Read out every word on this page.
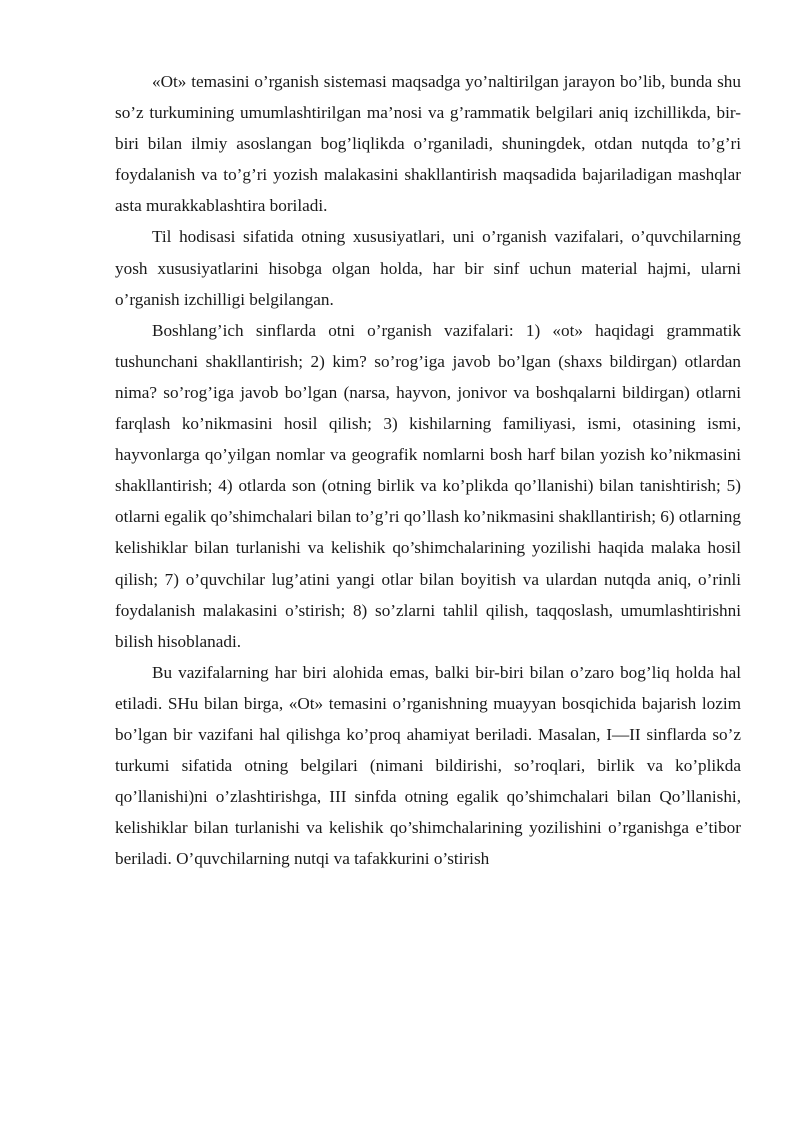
«Ot» temasini o’rganish sistemasi maqsadga yo’naltirilgan jarayon bo’lib, bunda shu so’z turkumining umumlashtirilgan ma’nosi va g’rammatik belgilari aniq izchillikda, bir-biri bilan ilmiy asoslangan bog’liqlikda o’rganiladi, shuningdek, otdan nutqda to’g’ri foydalanish va to’g’ri yozish malakasini shakllantirish maqsadida bajariladigan mashqlar asta murakkablashtira boriladi.

Til hodisasi sifatida otning xususiyatlari, uni o’rganish vazifalari, o’quvchilarning yosh xususiyatlarini hisobga olgan holda, har bir sinf uchun material hajmi, ularni o’rganish izchilligi belgilangan.

Boshlang’ich sinflarda otni o’rganish vazifalari: 1) «ot» haqidagi grammatik tushunchani shakllantirish; 2) kim? so’rog’iga javob bo’lgan (shaxs bildirgan) otlardan nima? so’rog’iga javob bo’lgan (narsa, hayvon, jonivor va boshqalarni bildirgan) otlarni farqlash ko’nikmasini hosil qilish; 3) kishilarning familiyasi, ismi, otasining ismi, hayvonlarga qo’yilgan nomlar va geografik nomlarni bosh harf bilan yozish ko’nikmasini shakllantirish; 4) otlarda son (otning birlik va ko’plikda qo’llanishi) bilan tanishtirish; 5) otlarni egalik qo’shimchalari bilan to’g’ri qo’llash ko’nikmasini shakllantirish; 6) otlarning kelishiklar bilan turlanishi va kelishik qo’shimchalarining yozilishi haqida malaka hosil qilish; 7) o’quvchilar lug’atini yangi otlar bilan boyitish va ulardan nutqda aniq, o’rinli foydalanish malakasini o’stirish; 8) so’zlarni tahlil qilish, taqqoslash, umumlashtirishni bilish hisoblanadi.

Bu vazifalarning har biri alohida emas, balki bir-biri bilan o’zaro bog’liq holda hal etiladi. SHu bilan birga, «Ot» temasini o’rganishning muayyan bosqichida bajarish lozim bo’lgan bir vazifani hal qilishga ko’proq ahamiyat beriladi. Masalan, I—II sinflarda so’z turkumi sifatida otning belgilari (nimani bildirishi, so’roqlari, birlik va ko’plikda qo’llanishi)ni o’zlashtirishga, III sinfda otning egalik qo’shimchalari bilan Qo’llanishi, kelishiklar bilan turlanishi va kelishik qo’shimchalarining yozilishini o’rganishga e’tibor beriladi. O’quvchilarning nutqi va tafakkurini o’stirish
